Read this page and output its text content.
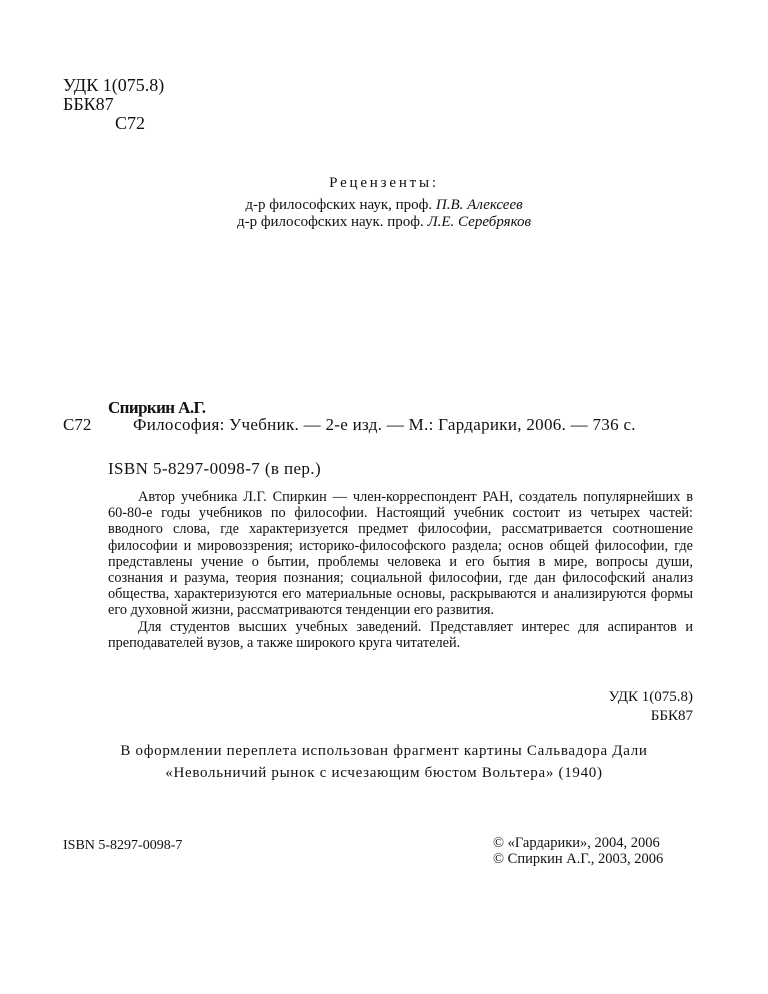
УДК 1(075.8)
ББК87
С72
Рецензенты:
д-р философских наук, проф. П.В. Алексеев
д-р философских наук. проф. Л.Е. Серебряков
Спиркин А.Г.
С72	Философия: Учебник. — 2-е изд. — М.: Гардарики, 2006. — 736 с.
ISBN 5-8297-0098-7 (в пер.)

Автор учебника Л.Г. Спиркин — член-корреспондент РАН, создатель популярнейших в 60-80-е годы учебников по философии. Настоящий учебник состоит из четырех частей: вводного слова, где характеризуется предмет философии, рассматривается соотношение философии и мировоззрения; историко-философского раздела; основ общей философии, где представлены учение о бытии, проблемы человека и его бытия в мире, вопросы души, сознания и разума, теория познания; социальной философии, где дан философский анализ общества, характеризуются его материальные основы, раскрываются и анализируются формы его духовной жизни, рассматриваются тенденции его развития.

Для студентов высших учебных заведений. Представляет интерес для аспирантов и преподавателей вузов, а также широкого круга читателей.

УДК 1(075.8)
ББК87
В оформлении переплета использован фрагмент картины Сальвадора Дали
«Невольничий рынок с исчезающим бюстом Вольтера» (1940)
ISBN 5-8297-0098-7	© «Гардарики», 2004, 2006
© Спиркин А.Г., 2003, 2006
